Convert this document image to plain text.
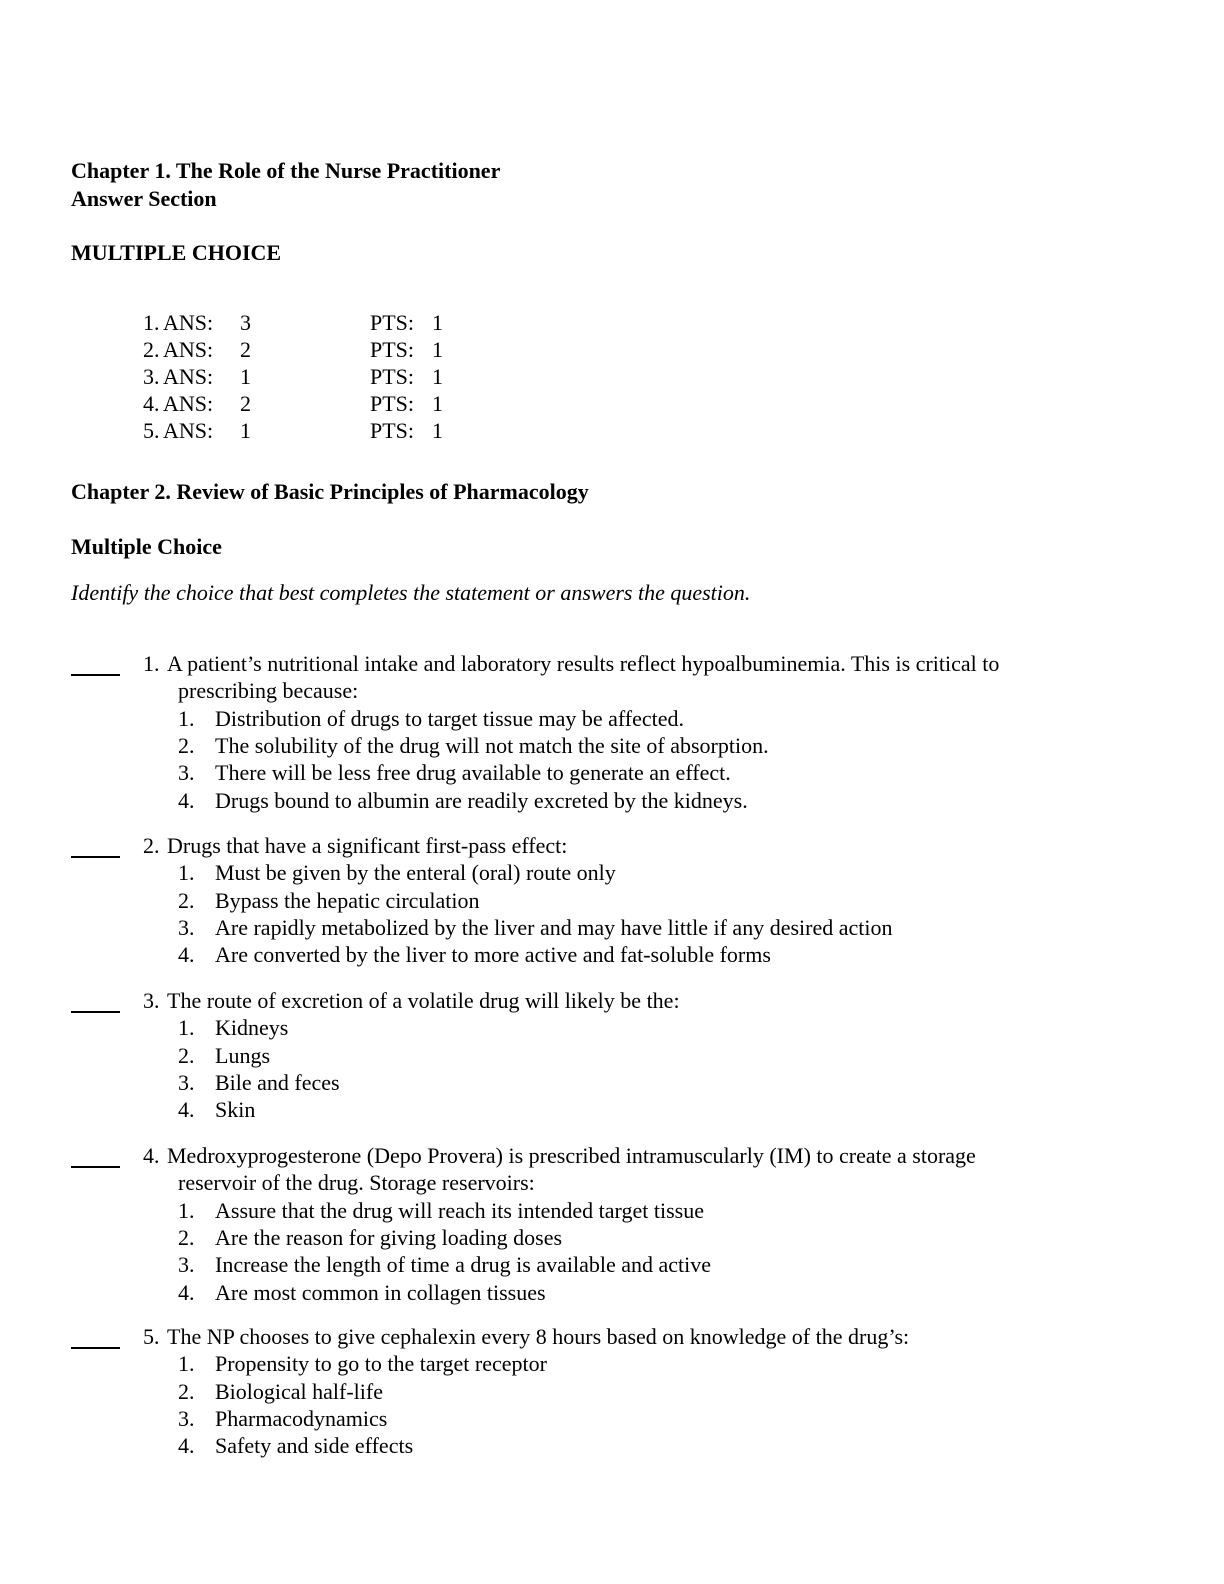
Chapter 1. The Role of the Nurse Practitioner
Answer Section
MULTIPLE CHOICE
1. ANS: 3	PTS: 1
2. ANS: 2	PTS: 1
3. ANS: 1	PTS: 1
4. ANS: 2	PTS: 1
5. ANS: 1	PTS: 1
Chapter 2. Review of Basic Principles of Pharmacology
Multiple Choice
Identify the choice that best completes the statement or answers the question.
1. A patient’s nutritional intake and laboratory results reflect hypoalbuminemia. This is critical to
prescribing because:
1. Distribution of drugs to target tissue may be affected.
2. The solubility of the drug will not match the site of absorption.
3. There will be less free drug available to generate an effect.
4. Drugs bound to albumin are readily excreted by the kidneys.
2. Drugs that have a significant first-pass effect:
1. Must be given by the enteral (oral) route only
2. Bypass the hepatic circulation
3. Are rapidly metabolized by the liver and may have little if any desired action
4. Are converted by the liver to more active and fat-soluble forms
3. The route of excretion of a volatile drug will likely be the:
1. Kidneys
2. Lungs
3. Bile and feces
4. Skin
4. Medroxyprogesterone (Depo Provera) is prescribed intramuscularly (IM) to create a storage
reservoir of the drug. Storage reservoirs:
1. Assure that the drug will reach its intended target tissue
2. Are the reason for giving loading doses
3. Increase the length of time a drug is available and active
4. Are most common in collagen tissues
5. The NP chooses to give cephalexin every 8 hours based on knowledge of the drug’s:
1. Propensity to go to the target receptor
2. Biological half-life
3. Pharmacodynamics
4. Safety and side effects
